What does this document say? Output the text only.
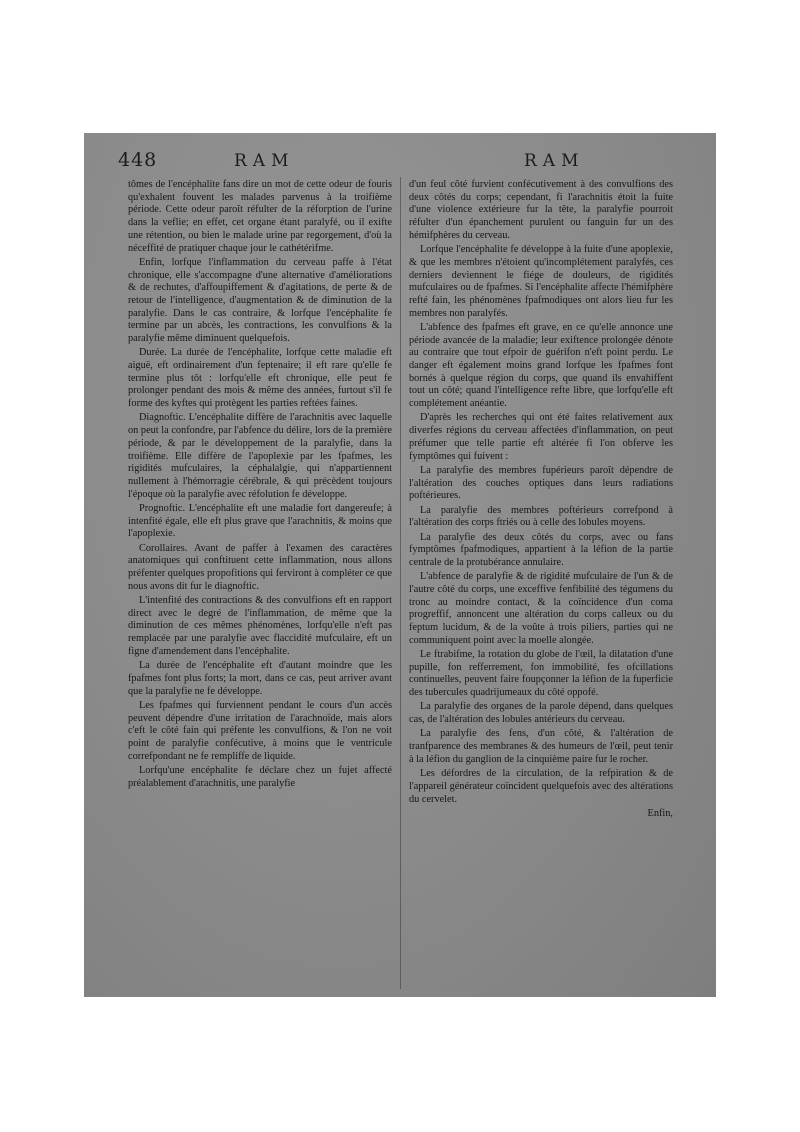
448	RAM	RAM

tômes de l'encéphalite fans dire un mot de cette odeur de fouris qu'exhalent fouvent les malades parvenus à la troifième période. Cette odeur paroît réfulter de la réforption de l'urine dans la veflie; en effet, cet organe étant paralyfé, ou il exifte une rétention, ou bien le malade urine par regorgement, d'où la néceffité de pratiquer chaque jour le cathétérifme.

Enfin, lorfque l'inflammation du cerveau paffe à l'état chronique, elle s'accompagne d'une alternative d'améliorations & de rechutes, d'affoupiffement & d'agitations, de perte & de retour de l'intelligence, d'augmentation & de diminution de la paralyfie. Dans le cas contraire, & lorfque l'encéphalite fe termine par un abcès, les contractions, les convulfions & la paralyfie même diminuent quelquefois.

Durée. La durée de l'encéphalite, lorfque cette maladie eft aiguë, eft ordinairement d'un feptenaire; il eft rare qu'elle fe termine plus tôt : lorfqu'elle eft chronique, elle peut fe prolonger pendant des mois & même des années, furtout s'il fe forme des kyftes qui protègent les parties reftées faines.

Diagnoftic. L'encéphalite diffère de l'arachnitis avec laquelle on peut la confondre, par l'abfence du délire, lors de la première période, & par le développement de la paralyfie, dans la troifième. Elle diffère de l'apoplexie par les fpafmes, les rigidités mufculaires, la céphalalgie, qui n'appartiennent nullement à l'hémorragie cérébrale, & qui précèdent toujours l'époque où la paralyfie avec réfolution fe développe.

Prognoftic. L'encéphalite eft une maladie fort dangereufe; à intenfité égale, elle eft plus grave que l'arachnitis, & moins que l'apoplexie.

Corollaires. Avant de paffer à l'examen des caractères anatomiques qui conftituent cette inflammation, nous allons préfenter quelques propofitions qui ferviront à compléter ce que nous avons dit fur le diagnoftic.

L'intenfité des contractions & des convulfions eft en rapport direct avec le degré de l'inflammation, de même que la diminution de ces mêmes phénomènes, lorfqu'elle n'eft pas remplacée par une paralyfie avec flaccidité mufculaire, eft un figne d'amendement dans l'encéphalite.

La durée de l'encéphalite eft d'autant moindre que les fpafmes font plus forts; la mort, dans ce cas, peut arriver avant que la paralyfie ne fe développe.

Les fpafmes qui furviennent pendant le cours d'un accès peuvent dépendre d'une irritation de l'arachnoïde, mais alors c'eft le côté fain qui préfente les convulfions, & l'on ne voit point de paralyfie confécutive, à moins que le ventricule correfpondant ne fe rempliffe de liquide.

Lorfqu'une encéphalite fe déclare chez un fujet affecté préalablement d'arachnitis, une paralyfie

d'un feul côté furvient confécutivement à des convulfions des deux côtés du corps; cependant, fi l'arachnitis étoit la fuite d'une violence extérieure fur la tête, la paralyfie pourroit réfulter d'un épanchement purulent ou fanguin fur un des hémifphères du cerveau.

Lorfque l'encéphalite fe développe à la fuite d'une apoplexie, & que les membres n'étoient qu'incomplétement paralyfés, ces derniers deviennent le fiége de douleurs, de rigidités mufculaires ou de fpafmes. Si l'encéphalite affecte l'hémifphère refté fain, les phénomènes fpafmodiques ont alors lieu fur les membres non paralyfés.

L'abfence des fpafmes eft grave, en ce qu'elle annonce une période avancée de la maladie; leur exiftence prolongée dénote au contraire que tout efpoir de guérifon n'eft point perdu. Le danger eft également moins grand lorfque les fpafmes font bornés à quelque région du corps, que quand ils envahiffent tout un côté; quand l'intelligence refte libre, que lorfqu'elle eft complétement anéantie.

D'après les recherches qui ont été faites relativement aux diverfes régions du cerveau affectées d'inflammation, on peut préfumer que telle partie eft altérée fi l'on obferve les fymptômes qui fuivent :

La paralyfie des membres fupérieurs paroît dépendre de l'altération des couches optiques dans leurs radiations poftérieures.

La paralyfie des membres poftérieurs correfpond à l'altération des corps ftriés ou à celle des lobules moyens.

La paralyfie des deux côtés du corps, avec ou fans fymptômes fpafmodiques, appartient à la léfion de la partie centrale de la protubérance annulaire.

L'abfence de paralyfie & de rigidité mufculaire de l'un & de l'autre côté du corps, une exceffive fenfibilité des tégumens du tronc au moindre contact, & la coïncidence d'un coma progreffif, annoncent une altération du corps calleux ou du feptum lucidum, & de la voûte à trois piliers, parties qui ne communiquent point avec la moelle alongée.

Le ftrabifme, la rotation du globe de l'œil, la dilatation d'une pupille, fon refferrement, fon immobilité, fes ofcillations continuelles, peuvent faire foupçonner la léfion de la fuperficie des tubercules quadrijumeaux du côté oppofé.

La paralyfie des organes de la parole dépend, dans quelques cas, de l'altération des lobules antérieurs du cerveau.

La paralyfie des fens, d'un côté, & l'altération de tranfparence des membranes & des humeurs de l'œil, peut tenir à la léfion du ganglion de la cinquième paire fur le rocher.

Les défordres de la circulation, de la refpiration & de l'appareil générateur coïncident quelquefois avec des altérations du cervelet.

Enfin,
